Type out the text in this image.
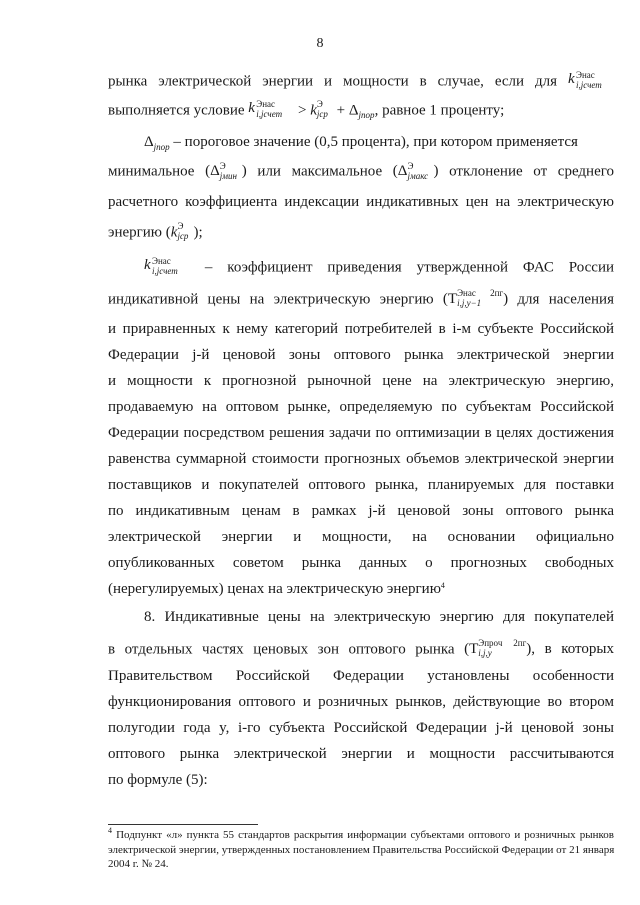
8
рынка электрической энергии и мощности в случае, если для k Энас
i,jсчет
выполняется условие k Энас
i,jсчет	> k Э
jср + $\Delta_{jпор}$, равное 1 проценту;
$\Delta_{jпор}$ – пороговое значение (0,5 процента), при котором применяется
минимальное (Δ Э
jмин ) или максимальное (Δ Э
jмакс ) отклонение от среднего
расчетного коэффициента индексации индикативных цен на электрическую
энергию (k Э
jср );
k Энас
i,jсчет	– коэффициент приведения утвержденной ФАС России
индикативной цены на электрическую энергию (T Энас 2пг
i,j,y−1	) для населения
и приравненных к нему категорий потребителей в i-м субъекте Российской
Федерации j-й ценовой зоны оптового рынка электрической энергии
и мощности к прогнозной рыночной цене на электрическую энергию,
продаваемую на оптовом рынке, определяемую по субъектам Российской
Федерации посредством решения задачи по оптимизации в целях достижения
равенства суммарной стоимости прогнозных объемов электрической энергии
поставщиков и покупателей оптового рынка, планируемых для поставки
по индикативным ценам в рамках j-й ценовой зоны оптового рынка
электрической энергии и мощности, на основании официально
опубликованных советом рынка данных о прогнозных свободных
(нерегулируемых) ценах на электрическую энергию$^4$
8. Индикативные цены на электрическую энергию для покупателей
в отдельных частях ценовых зон оптового рынка (T Эпроч 2пг
i,j,y	), в которых
Правительством Российской Федерации установлены особенности
функционирования оптового и розничных рынков, действующие во втором
полугодии года y, i-го субъекта Российской Федерации j-й ценовой зоны
оптового рынка электрической энергии и мощности рассчитываются
по формуле (5):
$^4$ Подпункт «л» пункта 55 стандартов раскрытия информации субъектами оптового и розничных рынков
электрической энергии, утвержденных постановлением Правительства Российской Федерации от 21 января
2004 г. № 24.
